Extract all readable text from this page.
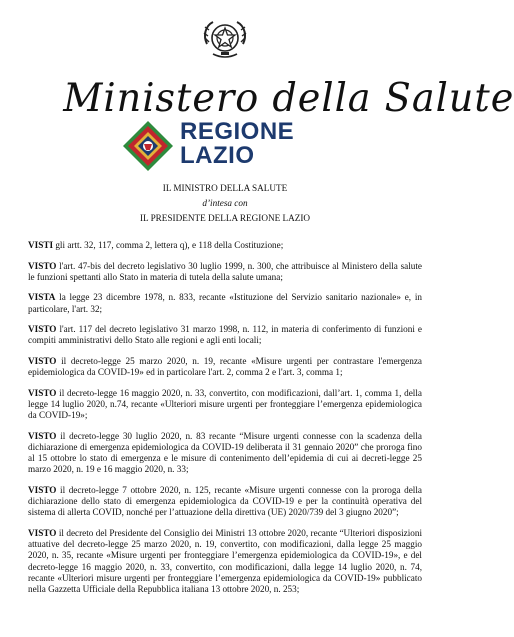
Ministero della Salute
REGIONE
LAZIO
IL MINISTRO DELLA SALUTE
d’intesa con
IL PRESIDENTE DELLA REGIONE LAZIO

VISTI gli artt. 32, 117, comma 2, lettera q), e 118 della Costituzione;

VISTO l'art. 47-bis del decreto legislativo 30 luglio 1999, n. 300, che attribuisce al Ministero della salute le funzioni spettanti allo Stato in materia di tutela della salute umana;

VISTA la legge 23 dicembre 1978, n. 833, recante «Istituzione del Servizio sanitario nazionale» e, in particolare, l'art. 32;

VISTO l'art. 117 del decreto legislativo 31 marzo 1998, n. 112, in materia di conferimento di funzioni e compiti amministrativi dello Stato alle regioni e agli enti locali;

VISTO il decreto-legge 25 marzo 2020, n. 19, recante «Misure urgenti per contrastare l'emergenza epidemiologica da COVID-19» ed in particolare l'art. 2, comma 2 e l'art. 3, comma 1;

VISTO il decreto-legge 16 maggio 2020, n. 33, convertito, con modificazioni, dall’art. 1, comma 1, della legge 14 luglio 2020, n.74, recante «Ulteriori misure urgenti per fronteggiare l’emergenza epidemiologica da COVID-19»;

VISTO il decreto-legge 30 luglio 2020, n. 83 recante “Misure urgenti connesse con la scadenza della dichiarazione di emergenza epidemiologica da COVID-19 deliberata il 31 gennaio 2020” che proroga fino al 15 ottobre lo stato di emergenza e le misure di contenimento dell’epidemia di cui ai decreti-legge 25 marzo 2020, n. 19 e 16 maggio 2020, n. 33;

VISTO il decreto-legge 7 ottobre 2020, n. 125, recante «Misure urgenti connesse con la proroga della dichiarazione dello stato di emergenza epidemiologica da COVID-19 e per la continuità operativa del sistema di allerta COVID, nonché per l’attuazione della direttiva (UE) 2020/739 del 3 giugno 2020”;

VISTO il decreto del Presidente del Consiglio dei Ministri 13 ottobre 2020, recante “Ulteriori disposizioni attuative del decreto-legge 25 marzo 2020, n. 19, convertito, con modificazioni, dalla legge 25 maggio 2020, n. 35, recante «Misure urgenti per fronteggiare l’emergenza epidemiologica da COVID-19», e del decreto-legge 16 maggio 2020, n. 33, convertito, con modificazioni, dalla legge 14 luglio 2020, n. 74, recante «Ulteriori misure urgenti per fronteggiare l’emergenza epidemiologica da COVID-19» pubblicato nella Gazzetta Ufficiale della Repubblica italiana 13 ottobre 2020, n. 253;
